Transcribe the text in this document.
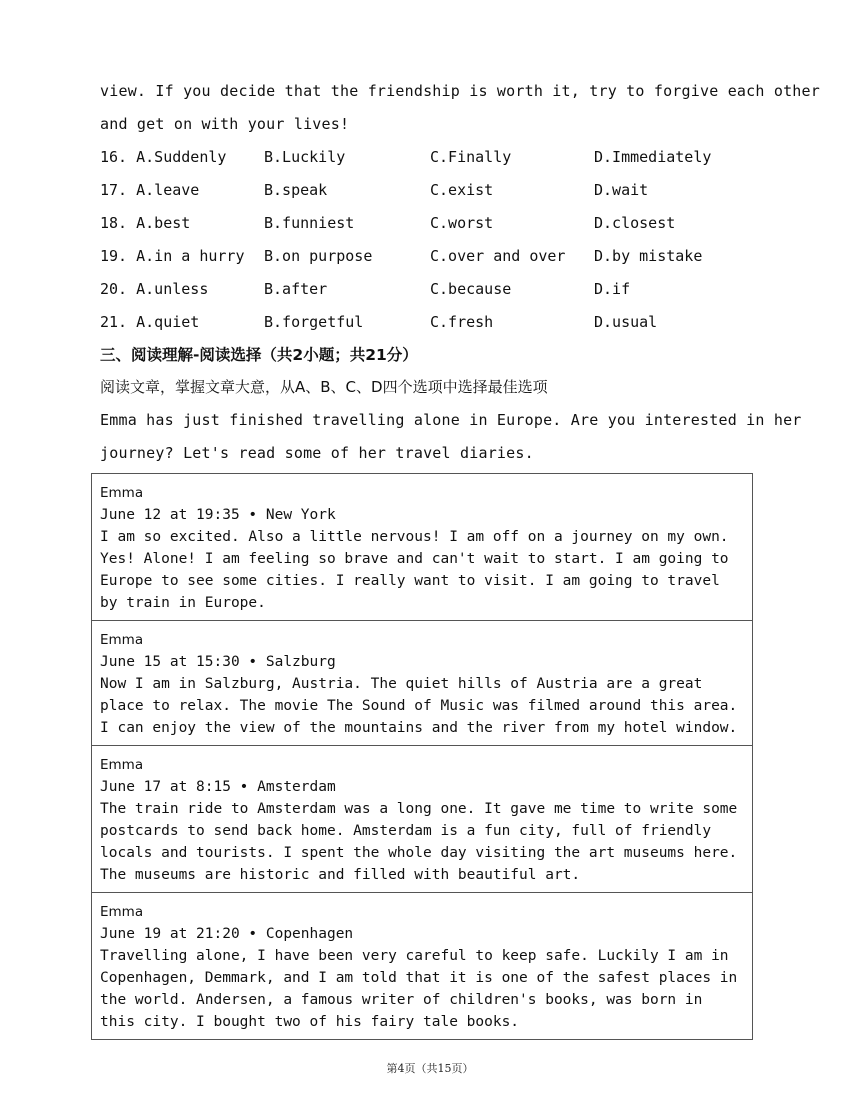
view. If you decide that the friendship is worth it, try to forgive each other
and get on with your lives!
16. A.Suddenly	B.Luckily	C.Finally	D.Immediately
17. A.leave	B.speak	C.exist	D.wait
18. A.best	B.funniest	C.worst	D.closest
19. A.in a hurry B.on purpose	C.over and over D.by mistake
20. A.unless	B.after	C.because	D.if
21. A.quiet	B.forgetful	C.fresh	D.usual
三、阅读理解-阅读选择（共2小题；共21分）
阅读文章，掌握文章大意，从A、B、C、D四个选项中选择最佳选项
Emma has just finished travelling alone in Europe. Are you interested in her
journey? Let's read some of her travel diaries.
Emma
June 12 at 19:35 • New York
I am so excited. Also a little nervous! I am off on a journey on my own. Yes! Alone! I am feeling so brave and can't wait to start. I am going to Europe to see some cities. I really want to visit. I am going to travel by train in Europe.

Emma
June 15 at 15:30 • Salzburg
Now I am in Salzburg, Austria. The quiet hills of Austria are a great place to relax. The movie The Sound of Music was filmed around this area. I can enjoy the view of the mountains and the river from my hotel window.

Emma
June 17 at 8:15 • Amsterdam
The train ride to Amsterdam was a long one. It gave me time to write some postcards to send back home. Amsterdam is a fun city, full of friendly locals and tourists. I spent the whole day visiting the art museums here. The museums are historic and filled with beautiful art.

Emma
June 19 at 21:20 • Copenhagen
Travelling alone, I have been very careful to keep safe. Luckily I am in Copenhagen, Demmark, and I am told that it is one of the safest places in the world. Andersen, a famous writer of children's books, was born in this city. I bought two of his fairy tale books.
第4页（共15页）
